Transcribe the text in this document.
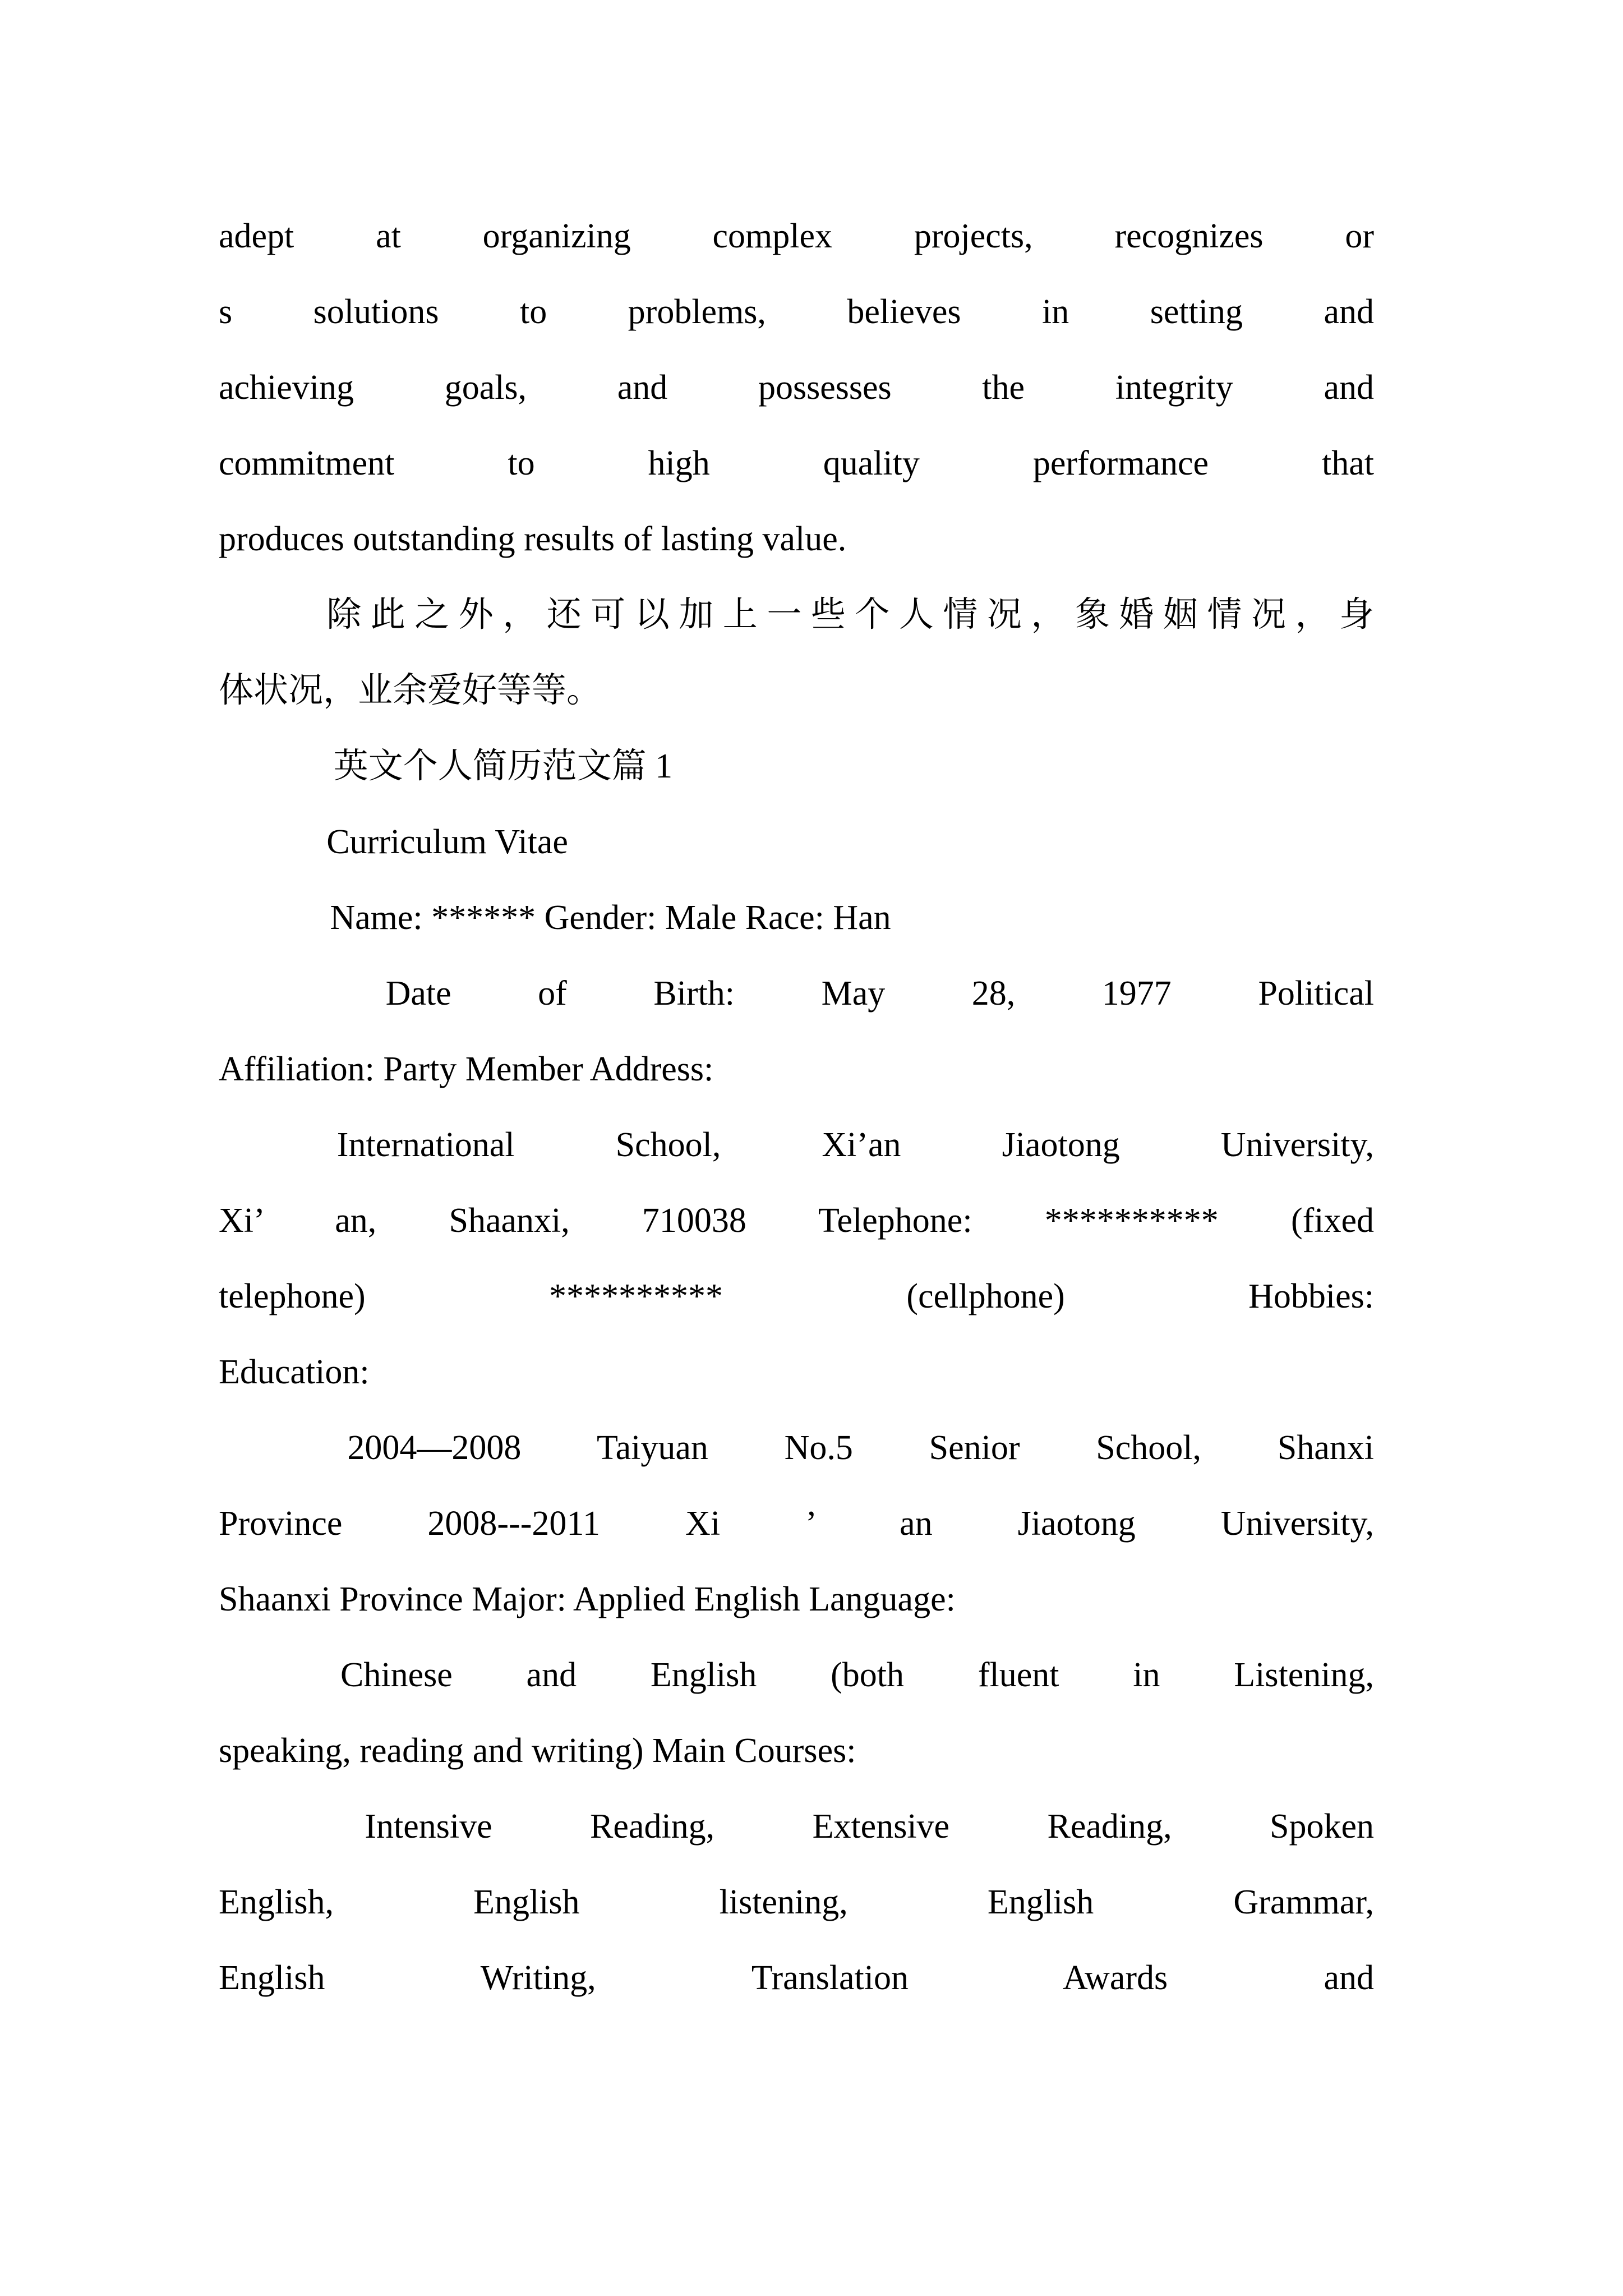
adept at organizing complex projects, recognizes or
s solutions to problems, believes in setting and
achieving goals, and possesses the integrity and
commitment to high quality performance that
produces outstanding results of lasting value.
除此之外，还可以加上一些个人情况，象婚姻情况，身
体状况，业余爱好等等。
英文个人简历范文篇 1
Curriculum Vitae
Name: ****** Gender: Male Race: Han
Date of Birth: May 28, 1977 Political
Affiliation: Party Member Address:
International School, Xi’an Jiaotong University,
Xi’ an, Shaanxi, 710038 Telephone: ********** (fixed
telephone) ********** (cellphone) Hobbies:
Education:
2004—2008 Taiyuan No.5 Senior School, Shanxi
Province 2008---2011 Xi ’ an Jiaotong University,
Shaanxi Province Major: Applied English Language:
Chinese and English (both fluent in Listening,
speaking, reading and writing) Main Courses:
Intensive Reading, Extensive Reading, Spoken
English, English listening, English Grammar,
English Writing, Translation Awards and
